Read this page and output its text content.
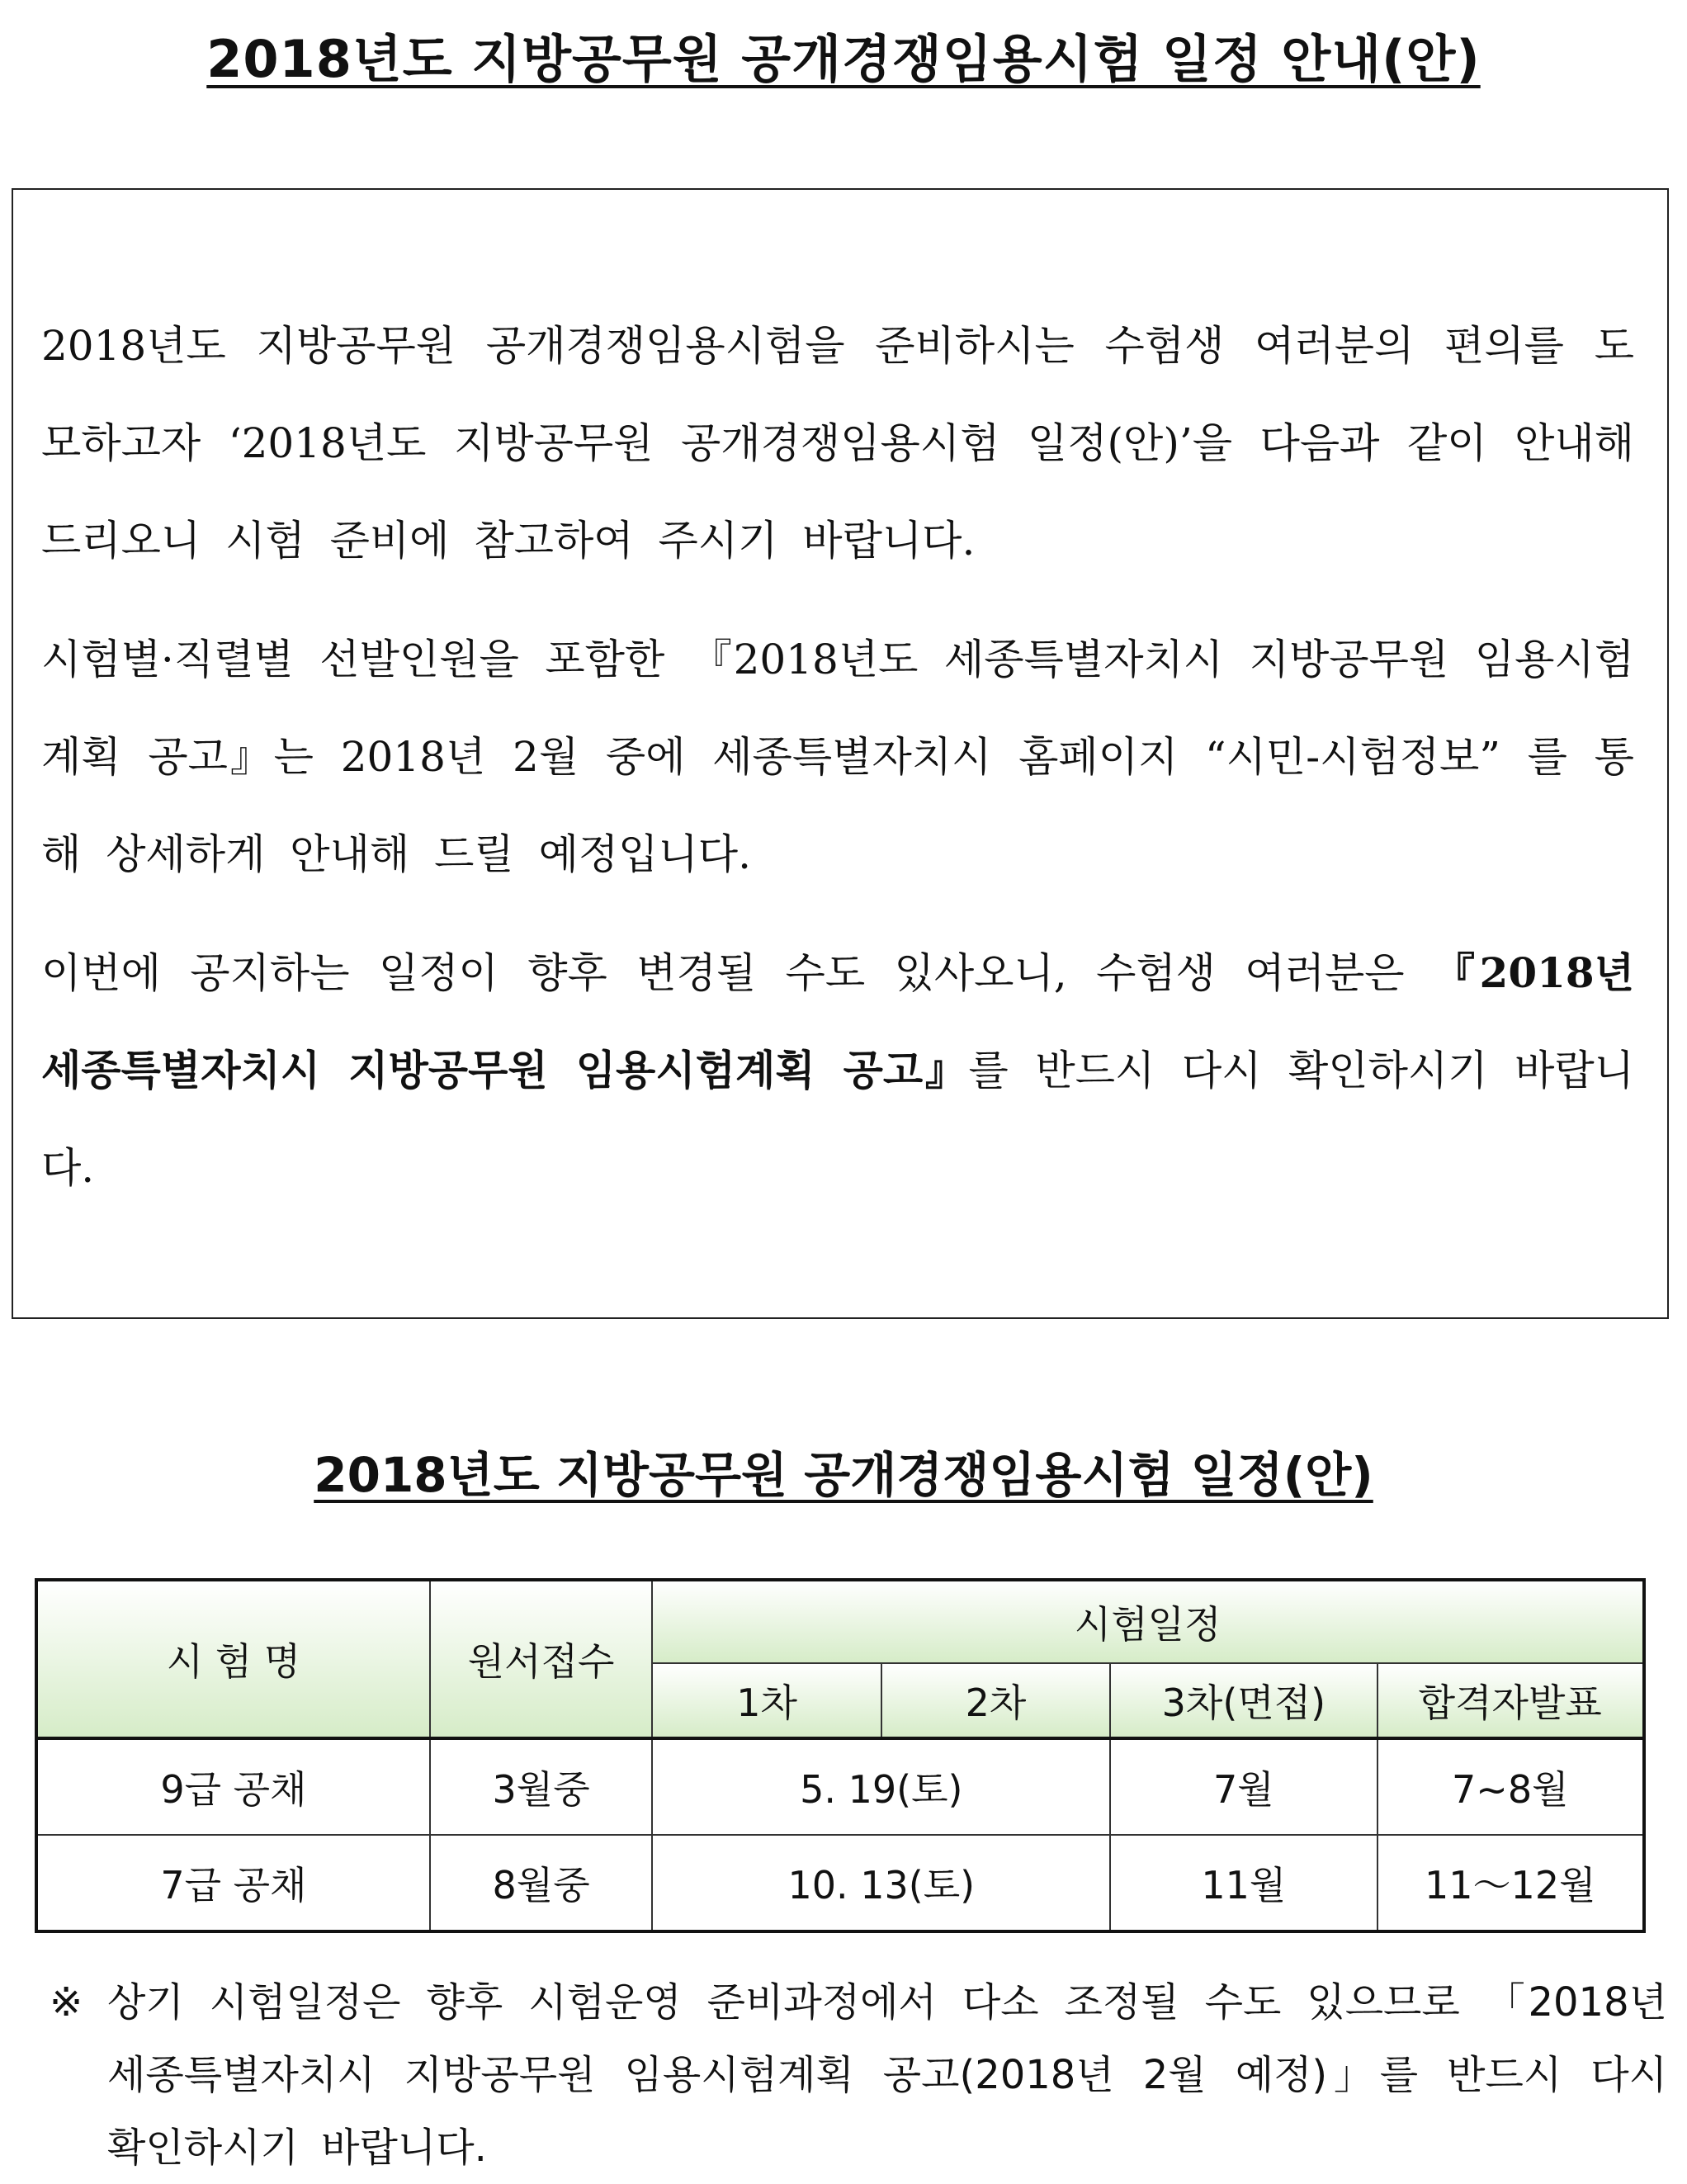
2018년도 지방공무원 공개경쟁임용시험 일정 안내(안)

2018년도 지방공무원 공개경쟁임용시험을 준비하시는 수험생 여러분의 편의를 도모하고자 ‘2018년도 지방공무원 공개경쟁임용시험 일정(안)’을 다음과 같이 안내해 드리오니 시험 준비에 참고하여 주시기 바랍니다.

시험별·직렬별 선발인원을 포함한 『2018년도 세종특별자치시 지방공무원 임용시험계획 공고』는 2018년 2월 중에 세종특별자치시 홈페이지 “시민-시험정보” 를 통해 상세하게 안내해 드릴 예정입니다.

이번에 공지하는 일정이 향후 변경될 수도 있사오니, 수험생 여러분은 『2018년 세종특별자치시 지방공무원 임용시험계획 공고』를 반드시 다시 확인하시기 바랍니다.

2018년도 지방공무원 공개경쟁임용시험 일정(안)
시 험 명	원서접수	시험일정			
		1차	2차	3차(면접)	합격자발표
9급 공채	3월중	5. 19(토)		7월	7~8월
7급 공채	8월중	10. 13(토)		11월	11～12월
※ 상기 시험일정은 향후 시험운영 준비과정에서 다소 조정될 수도 있으므로 「2018년 세종특별자치시 지방공무원 임용시험계획 공고(2018년 2월 예정)」를 반드시 다시 확인하시기 바랍니다.
